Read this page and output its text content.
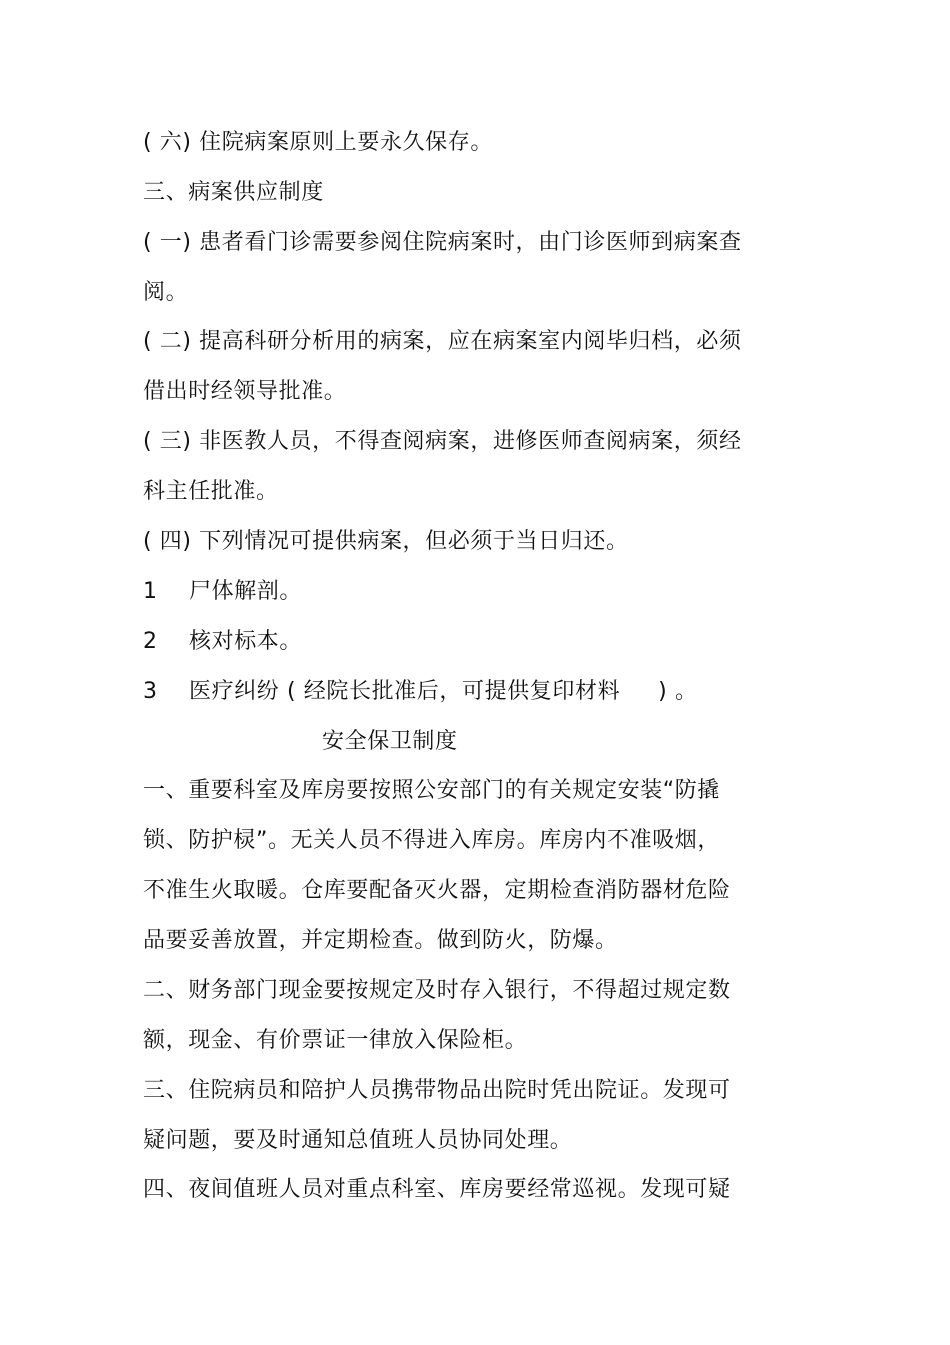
( 六) 住院病案原则上要永久保存。
三、病案供应制度
( 一) 患者看门诊需要参阅住院病案时，由门诊医师到病案查
阅。
( 二) 提高科研分析用的病案，应在病案室内阅毕归档，必须
借出时经领导批准。
( 三) 非医教人员，不得查阅病案，进修医师查阅病案，须经
科主任批准。
( 四) 下列情况可提供病案，但必须于当日归还。
1 尸体解剖。
2 核对标本。
3 医疗纠纷 ( 经院长批准后，可提供复印材料 ) 。
安全保卫制度
一、重要科室及库房要按照公安部门的有关规定安装“防撬
锁、防护棂”。无关人员不得进入库房。库房内不准吸烟，
不准生火取暖。仓库要配备灭火器，定期检查消防器材危险
品要妥善放置，并定期检查。做到防火，防爆。
二、财务部门现金要按规定及时存入银行，不得超过规定数
额，现金、有价票证一律放入保险柜。
三、住院病员和陪护人员携带物品出院时凭出院证。发现可
疑问题，要及时通知总值班人员协同处理。
四、夜间值班人员对重点科室、库房要经常巡视。发现可疑
